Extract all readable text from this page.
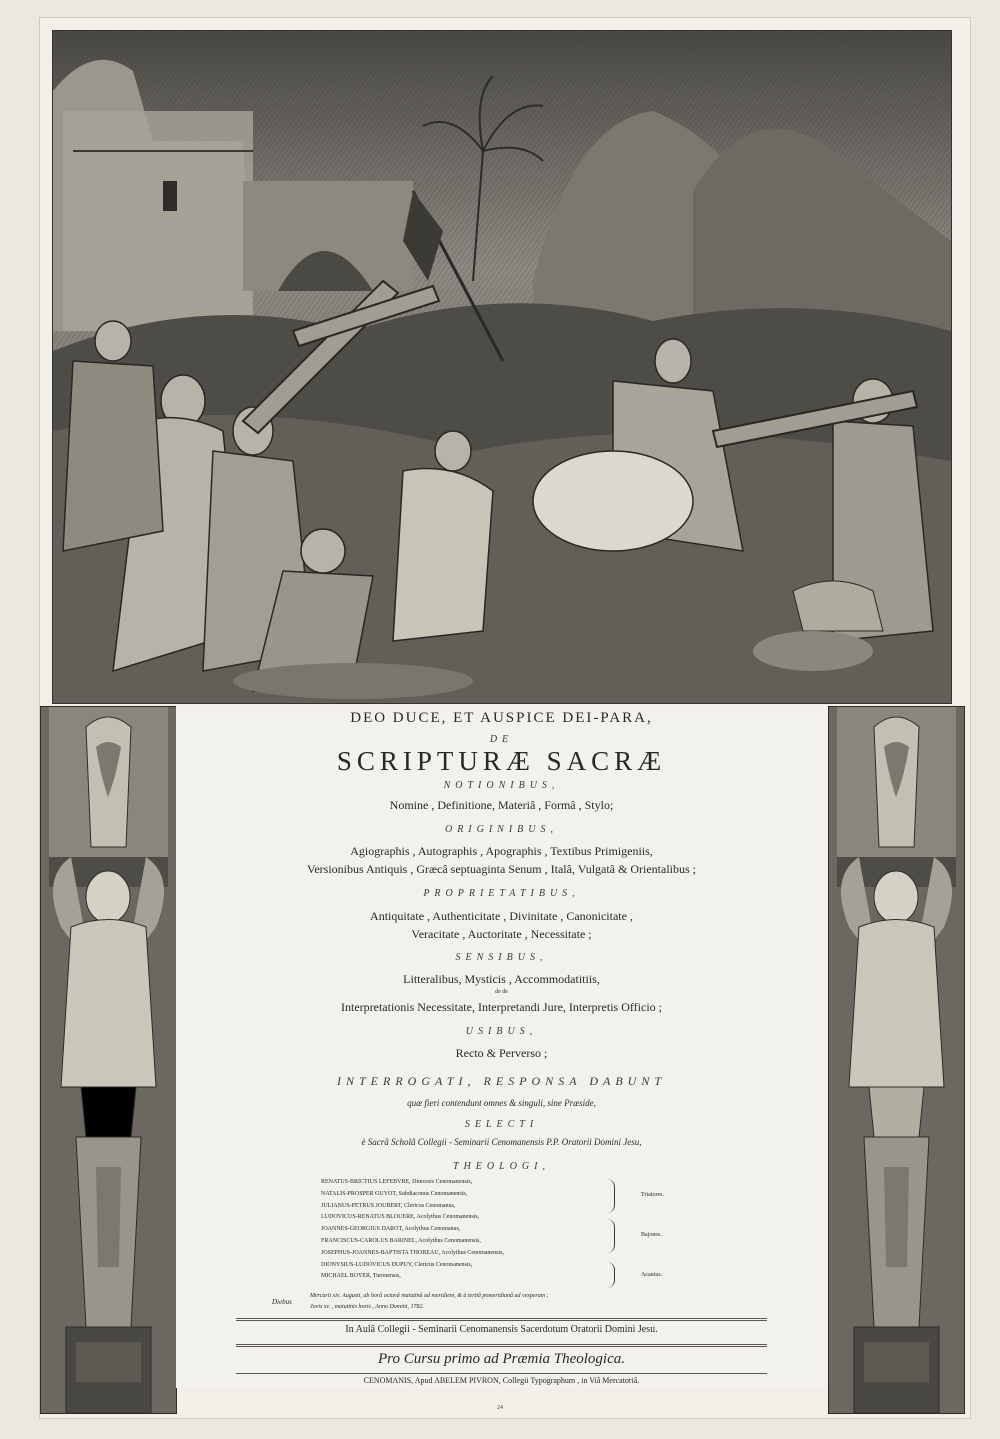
DEO DUCE, ET AUSPICE DEI-PARA,
DE
SCRIPTURÆ SACRÆ
NOTIONIBUS,
Nomine , Definitione, Materiâ , Formâ , Stylo;
ORIGINIBUS,
Agiographis , Autographis , Apographis , Textibus Primigeniis,
Versionibus Antiquis , Græcâ septuaginta Senum , Italâ, Vulgatâ & Orientalibus ;
PROPRIETATIBUS,
Antiquitate , Authenticitate , Divinitate , Canonicitate ,
Veracitate , Auctoritate , Necessitate ;
SENSIBUS,
Litteralibus, Mysticis , Accommodatitiis,
de de
Interpretationis Necessitate, Interpretandi Jure, Interpretis Officio ;
USIBUS,
Recto & Perverso ;
INTERROGATI, RESPONSA DABUNT
quæ fieri contendunt omnes & singuli, sine Præside,
SELECTI
è Sacrâ Scholâ Collegii - Seminarii Cenomanensis P.P. Oratorii Domini Jesu,
THEOLOGI,
RENATUS-BRICTIUS LEFEBVRE, Diœcesis Cenomanensis,
NATALIS-PROSPER GUYOT, Subdiaconus Cenomanensis,
JULIANUS-PETRUS JOUBERT, Clericus Cenomanus,
LUDOVICUS-RENATUS BLOUERE, Acolythus Cenomanensis,
JOANNES-GEORGIUS DAROT, Acolythus Cenomanus,
FRANCISCUS-CAROLUS BARINEL, Acolythus Cenomanensis,
JOSEPHUS-JOANNES-BAPTISTA THOREAU, Acolythus Cenomanensis,
DIONYSIUS-LUDOVICUS DUPUY, Clericus Cenomanensis,
MICHAEL BOYER, Turonensis,
Triatores.
Bajones.
Acanius.
Diebus
Mercurii xiv. Augusti, ab horâ octavâ matutinâ ad meridiem, & à tertiâ pomeridianâ ad vesperam ;
Jovis xv. , matutinis horis , Anno Domini, 1782.
In Aulâ Collegii - Seminarii Cenomanensis Sacerdotum Oratorii Domini Jesu.
Pro Cursu primo ad Præmia Theologica.
CENOMANIS, Apud ABELEM PIVRON, Collegii Typographum , in Viâ Mercatoriâ.
24
